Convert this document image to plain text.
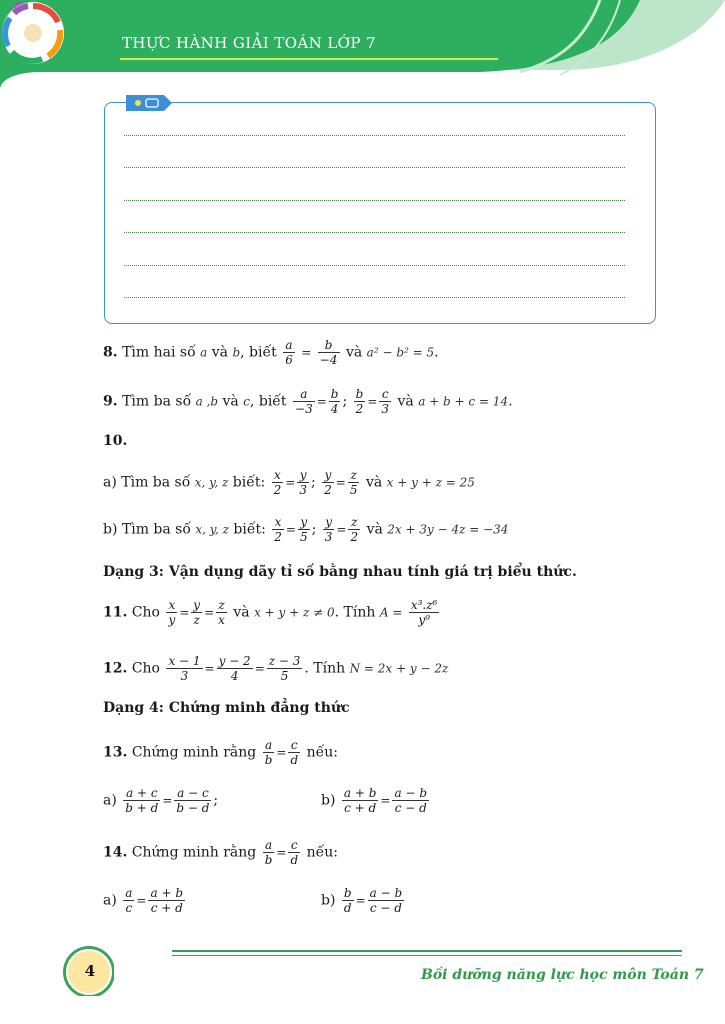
THỰC HÀNH GIẢI TOÁN LỚP 7
8. Tìm hai số a và b, biết $\frac{a}{6} = \frac{b}{-4}$ và a² − b² = 5.
9. Tìm ba số a ,b và c, biết $\frac{a}{-3} = \frac{b}{4}$ ; $\frac{b}{2} = \frac{c}{3}$ và a + b + c = 14.
10.
a) Tìm ba số x, y, z biết: $\frac{x}{2} = \frac{y}{3}$ ; $\frac{y}{2} = \frac{z}{5}$ và x + y + z = 25
b) Tìm ba số x, y, z biết: $\frac{x}{2} = \frac{y}{5}$ ; $\frac{y}{3} = \frac{z}{2}$ và 2x + 3y − 4z = −34
Dạng 3: Vận dụng dãy tỉ số bằng nhau tính giá trị biểu thức.
11. Cho $\frac{x}{y} = \frac{y}{z} = \frac{z}{x}$ và x + y + z ≠ 0. Tính $A = \frac{\text{x³.z⁶}}{\text{y⁹}}$
12. Cho $\frac{x - 1}{3} = \frac{y - 2}{4} = \frac{z - 3}{5}$ . Tính N = 2x + y − 2z
Dạng 4: Chứng minh đẳng thức
13. Chứng minh rằng $\frac{a}{b} = \frac{c}{d}$ nếu:
$a) \frac{a + c}{b + d} = \frac{a - c}{b - d}$ ;	$b) \frac{a + b}{c + d} = \frac{a - b}{c - d}$
14. Chứng minh rằng $\frac{a}{b} = \frac{c}{d}$ nếu:
$a) \frac{a}{c} = \frac{a + b}{c + d}$	$b) \frac{b}{d} = \frac{a - b}{c - d}$
4	Bồi dưỡng năng lực học môn Toán 7
